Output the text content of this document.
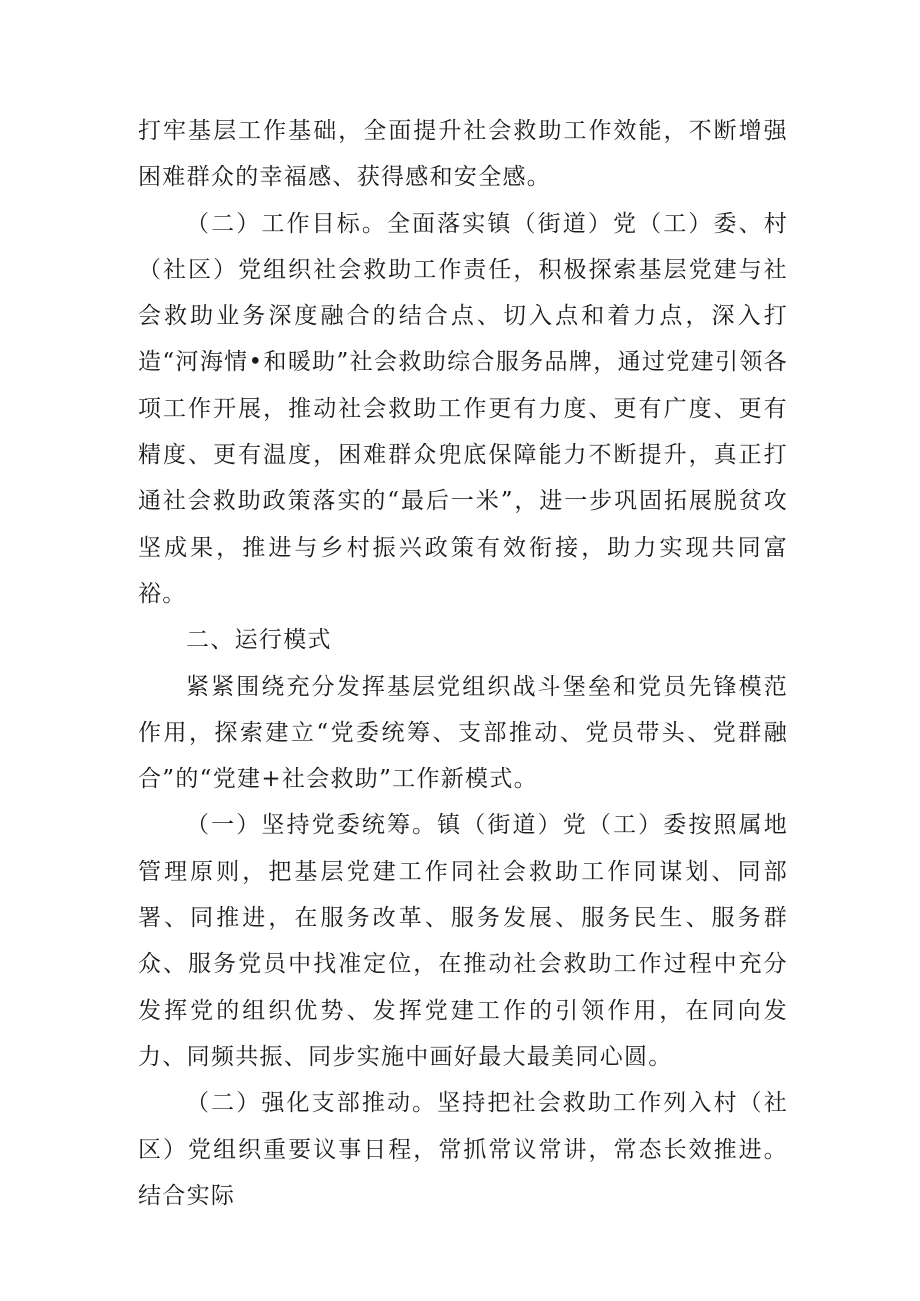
打牢基层工作基础，全面提升社会救助工作效能，不断增强困难群众的幸福感、获得感和安全感。

（二）工作目标。全面落实镇（街道）党（工）委、村（社区）党组织社会救助工作责任，积极探索基层党建与社会救助业务深度融合的结合点、切入点和着力点，深入打造“河海情•和暖助”社会救助综合服务品牌，通过党建引领各项工作开展，推动社会救助工作更有力度、更有广度、更有精度、更有温度，困难群众兜底保障能力不断提升，真正打通社会救助政策落实的“最后一米”，进一步巩固拓展脱贫攻坚成果，推进与乡村振兴政策有效衔接，助力实现共同富裕。

二、运行模式

紧紧围绕充分发挥基层党组织战斗堡垒和党员先锋模范作用，探索建立“党委统筹、支部推动、党员带头、党群融合”的“党建+社会救助”工作新模式。

（一）坚持党委统筹。镇（街道）党（工）委按照属地管理原则，把基层党建工作同社会救助工作同谋划、同部署、同推进，在服务改革、服务发展、服务民生、服务群众、服务党员中找准定位，在推动社会救助工作过程中充分发挥党的组织优势、发挥党建工作的引领作用，在同向发力、同频共振、同步实施中画好最大最美同心圆。

（二）强化支部推动。坚持把社会救助工作列入村（社区）党组织重要议事日程，常抓常议常讲，常态长效推进。结合实际
